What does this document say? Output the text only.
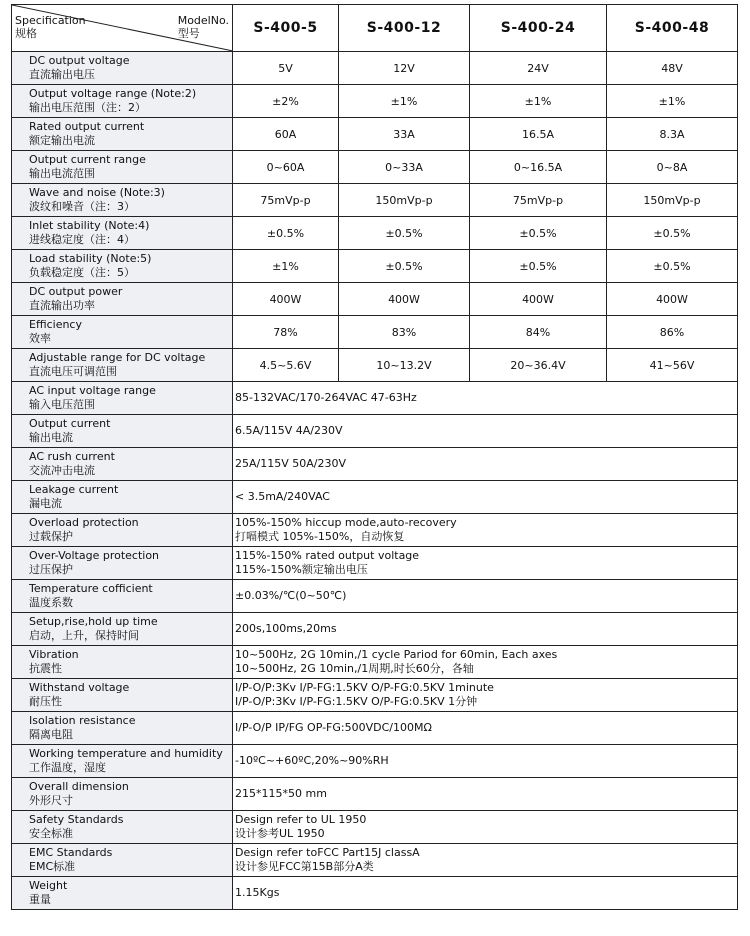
Specification
规格
ModelNo.
型号	S-400-5	S-400-12	S-400-24	S-400-48

DC output voltage
直流输出电压	5V	12V	24V	48V

Output voltage range (Note:2)
输出电压范围（注：2）	±2%	±1%	±1%	±1%

Rated output current
额定输出电流	60A	33A	16.5A	8.3A

Output current range
输出电流范围	0~60A	0~33A	0~16.5A	0~8A

Wave and noise (Note:3)
波纹和噪音（注：3）	75mVp-p	150mVp-p	75mVp-p	150mVp-p

Inlet stability (Note:4)
进线稳定度（注：4）	±0.5%	±0.5%	±0.5%	±0.5%

Load stability (Note:5)
负载稳定度（注：5）	±1%	±0.5%	±0.5%	±0.5%

DC output power
直流输出功率	400W	400W	400W	400W

Efficiency
效率	78%	83%	84%	86%

Adjustable range for DC voltage
直流电压可调范围	4.5~5.6V	10~13.2V	20~36.4V	41~56V

AC input voltage range
输入电压范围	85-132VAC/170-264VAC 47-63Hz			

Output current
输出电流	6.5A/115V 4A/230V			

AC rush current
交流冲击电流	25A/115V 50A/230V			

Leakage current
漏电流	< 3.5mA/240VAC			

Overload protection
过载保护	105%-150% hiccup mode,auto-recovery
打嗝模式 105%-150%，自动恢复			

Over-Voltage protection
过压保护	115%-150% rated output voltage
115%-150%额定输出电压			

Temperature cofficient
温度系数	±0.03%/℃(0~50℃)			

Setup,rise,hold up time
启动，上升，保持时间	200s,100ms,20ms			

Vibration
抗震性	10~500Hz, 2G 10min,/1 cycle Pariod for 60min, Each axes
10~500Hz, 2G 10min,/1周期,时长60分，各轴			

Withstand voltage
耐压性	I/P-O/P:3Kv I/P-FG:1.5KV O/P-FG:0.5KV 1minute
I/P-O/P:3Kv I/P-FG:1.5KV O/P-FG:0.5KV 1分钟			

Isolation resistance
隔离电阻	I/P-O/P IP/FG OP-FG:500VDC/100MΩ			

Working temperature and humidity
工作温度，湿度	-10ºC~+60ºC,20%~90%RH			

Overall dimension
外形尺寸	215*115*50 mm			

Safety Standards
安全标准	Design refer to UL 1950
设计参考UL 1950			

EMC Standards
EMC标准	Design refer toFCC Part15J classA
设计参见FCC第15B部分A类			

Weight
重量	1.15Kgs			
